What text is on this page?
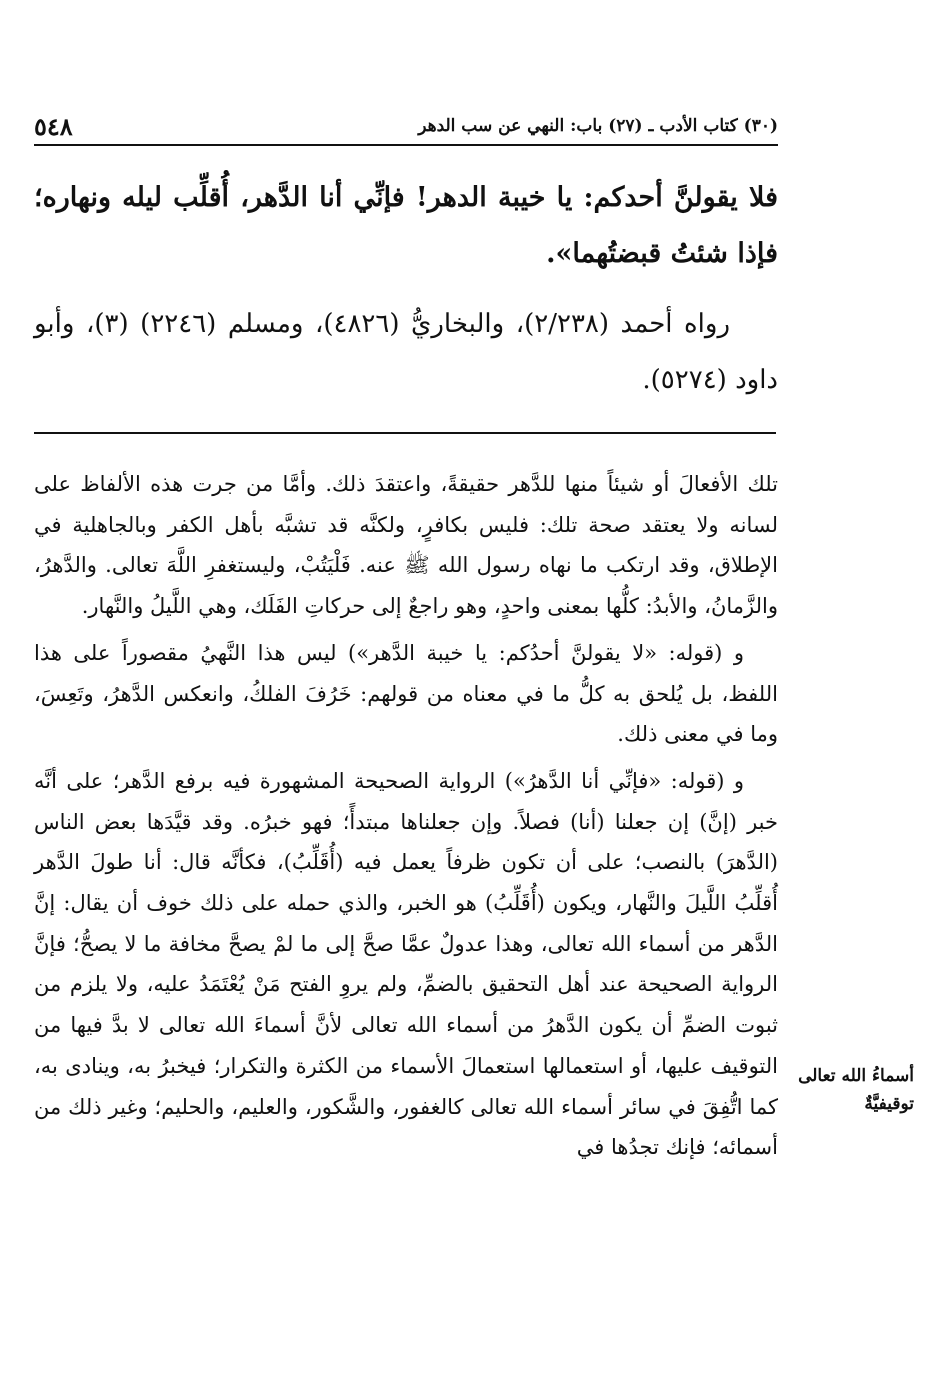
٥٤٨	(٣٠) كتاب الأدب ـ (٢٧) باب: النهي عن سب الدهر
فلا يقولنَّ أحدكم: يا خيبة الدهر! فإنِّي أنا الدَّهر، أُقلِّب ليله ونهاره؛ فإذا شئتُ قبضتُهما».
رواه أحمد (٢/٢٣٨)، والبخاريُّ (٤٨٢٦)، ومسلم (٢٢٤٦) (٣)، وأبو داود (٥٢٧٤).

تلك الأفعالَ أو شيئاً منها للدَّهر حقيقةً، واعتقدَ ذلك. وأمَّا من جرت هذه الألفاظ على لسانه ولا يعتقد صحة تلك: فليس بكافرٍ، ولكنَّه قد تشبَّه بأهل الكفر وبالجاهلية في الإطلاق، وقد ارتكب ما نهاه رسول الله ﷺ عنه. فَلْيَتُبْ، وليستغفرِ اللَّهَ تعالى. والدَّهرُ، والزَّمانُ، والأبدُ: كلُّها بمعنى واحدٍ، وهو راجعٌ إلى حركاتِ الفَلَك، وهي اللَّيلُ والنَّهار.

و (قوله: «لا يقولنَّ أحدُكم: يا خيبة الدَّهر») ليس هذا النَّهيُ مقصوراً على هذا اللفظ، بل يُلحق به كلُّ ما في معناه من قولهم: خَرُفَ الفلكُ، وانعكس الدَّهرُ، وتَعِسَ، وما في معنى ذلك.

و (قوله: «فإنِّي أنا الدَّهرُ») الرواية الصحيحة المشهورة فيه برفع الدَّهر؛ على أنَّه خبر (إنَّ) إن جعلنا (أنا) فصلاً. وإن جعلناها مبتدأً؛ فهو خبرُه. وقد قيَّدَها بعض الناس (الدَّهرَ) بالنصب؛ على أن تكون ظرفاً يعمل فيه (أُقَلِّبُ)، فكأنَّه قال: أنا طولَ الدَّهر أُقلِّبُ اللَّيلَ والنَّهار، ويكون (أُقَلِّبُ) هو الخبر، والذي حمله على ذلك خوف أن يقال: إنَّ الدَّهر من أسماء الله تعالى، وهذا عدولٌ عمَّا صحَّ إلى ما لمْ يصحَّ مخافة ما لا يصحُّ؛ فإنَّ الرواية الصحيحة عند أهل التحقيق بالضمِّ، ولم يروِ الفتح مَنْ يُعْتَمَدُ عليه، ولا يلزم من ثبوت الضمِّ أن يكون الدَّهرُ من أسماء الله تعالى لأنَّ أسماءَ الله تعالى لا بدَّ فيها من التوقيف عليها، أو استعمالها استعمالَ الأسماء من الكثرة والتكرار؛ فيخبرُ به، وينادى به، كما اتُّفِقَ في سائر أسماء الله تعالى كالغفور، والشَّكور، والعليم، والحليم؛ وغير ذلك من أسمائه؛ فإنك تجدُها في

أسماءُ الله تعالى توقيفيَّةٌ
